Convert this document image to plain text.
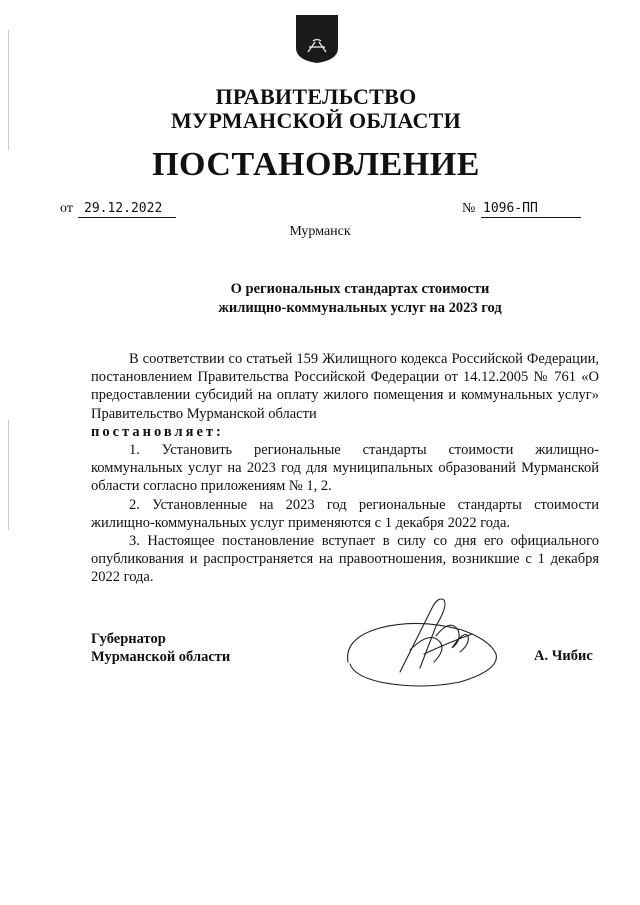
ПРАВИТЕЛЬСТВО
МУРМАНСКОЙ ОБЛАСТИ
ПОСТАНОВЛЕНИЕ
от 29.12.2022	№ 1096-ПП
Мурманск
О региональных стандартах стоимости
жилищно-коммунальных услуг на 2023 год

В соответствии со статьей 159 Жилищного кодекса Российской Федерации, постановлением Правительства Российской Федерации от 14.12.2005 № 761 «О предоставлении субсидий на оплату жилого помещения и коммунальных услуг» Правительство Мурманской области
постановляет:

1. Установить региональные стандарты стоимости жилищно-коммунальных услуг на 2023 год для муниципальных образований Мурманской области согласно приложениям № 1, 2.

2. Установленные на 2023 год региональные стандарты стоимости жилищно-коммунальных услуг применяются с 1 декабря 2022 года.

3. Настоящее постановление вступает в силу со дня его официального опубликования и распространяется на правоотношения, возникшие с 1 декабря 2022 года.

Губернатор
Мурманской области	А. Чибис
